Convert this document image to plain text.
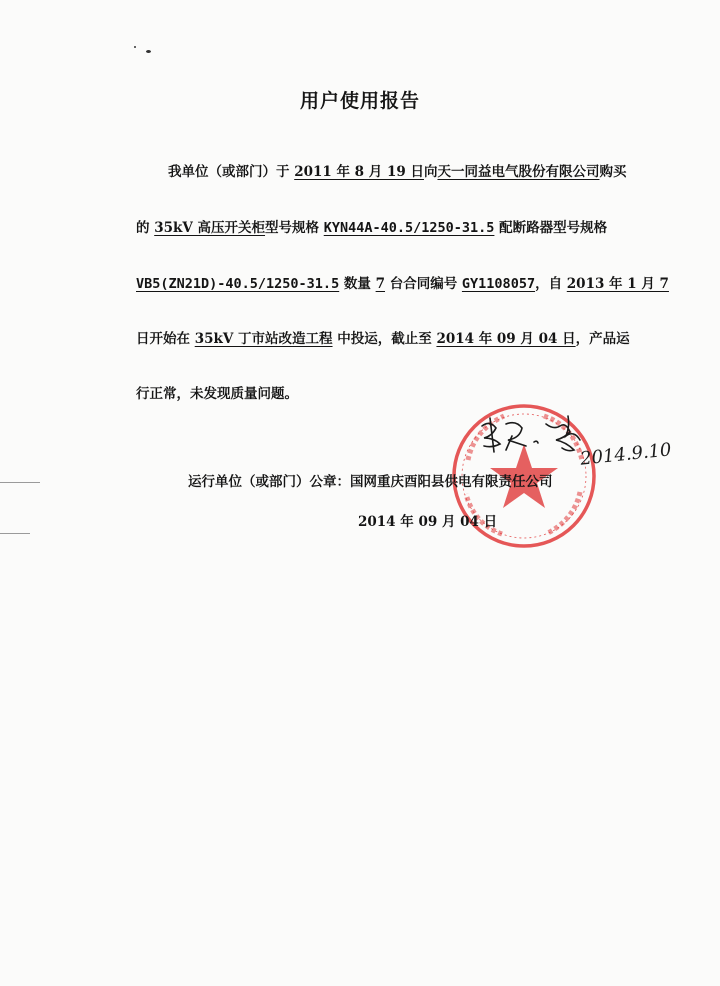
用户使用报告
我单位（或部门）于 2011 年 8 月 19 日向天一同益电气股份有限公司购买
的 35kV 高压开关柜型号规格 KYN44A-40.5/1250-31.5 配断路器型号规格
VB5(ZN21D)-40.5/1250-31.5 数量 7 台合同编号 GY1108057，自 2013 年 1 月 7
日开始在 35kV 丁市站改造工程 中投运，截止至 2014 年 09 月 04 日，产品运
行正常，未发现质量问题。
2014.9.10
运行单位（或部门）公章：国网重庆酉阳县供电有限责任公司
2014 年 09 月 04 日
